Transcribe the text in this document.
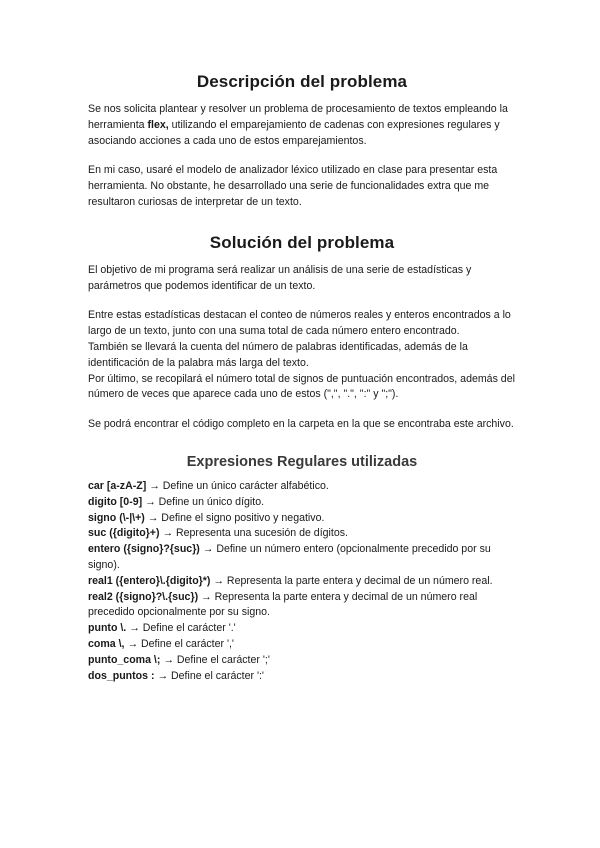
Descripción del problema

Se nos solicita plantear y resolver un problema de procesamiento de textos empleando la herramienta flex, utilizando el emparejamiento de cadenas con expresiones regulares y asociando acciones a cada uno de estos emparejamientos.

En mi caso, usaré el modelo de analizador léxico utilizado en clase para presentar esta herramienta. No obstante, he desarrollado una serie de funcionalidades extra que me resultaron curiosas de interpretar de un texto.

Solución del problema

El objetivo de mi programa será realizar un análisis de una serie de estadísticas y parámetros que podemos identificar de un texto.

Entre estas estadísticas destacan el conteo de números reales y enteros encontrados a lo largo de un texto, junto con una suma total de cada número entero encontrado.

También se llevará la cuenta del número de palabras identificadas, además de la identificación de la palabra más larga del texto.

Por último, se recopilará el número total de signos de puntuación encontrados, además del número de veces que aparece cada uno de estos (",", ".", ":" y ";").

Se podrá encontrar el código completo en la carpeta en la que se encontraba este archivo.

Expresiones Regulares utilizadas
car [a-zA-Z] → Define un único carácter alfabético.
digito [0-9] → Define un único dígito.
signo (\-|\+) → Define el signo positivo y negativo.
suc ({digito}+) → Representa una sucesión de dígitos.
entero ({signo}?{suc}) → Define un número entero (opcionalmente precedido por su signo).
real1 ({entero}\.{digito}*) → Representa la parte entera y decimal de un número real.
real2 ({signo}?\.{suc}) → Representa la parte entera y decimal de un número real precedido opcionalmente por su signo.
punto \. → Define el carácter '.'
coma \, → Define el carácter ','
punto_coma \; → Define el carácter ';'
dos_puntos : → Define el carácter ':'
